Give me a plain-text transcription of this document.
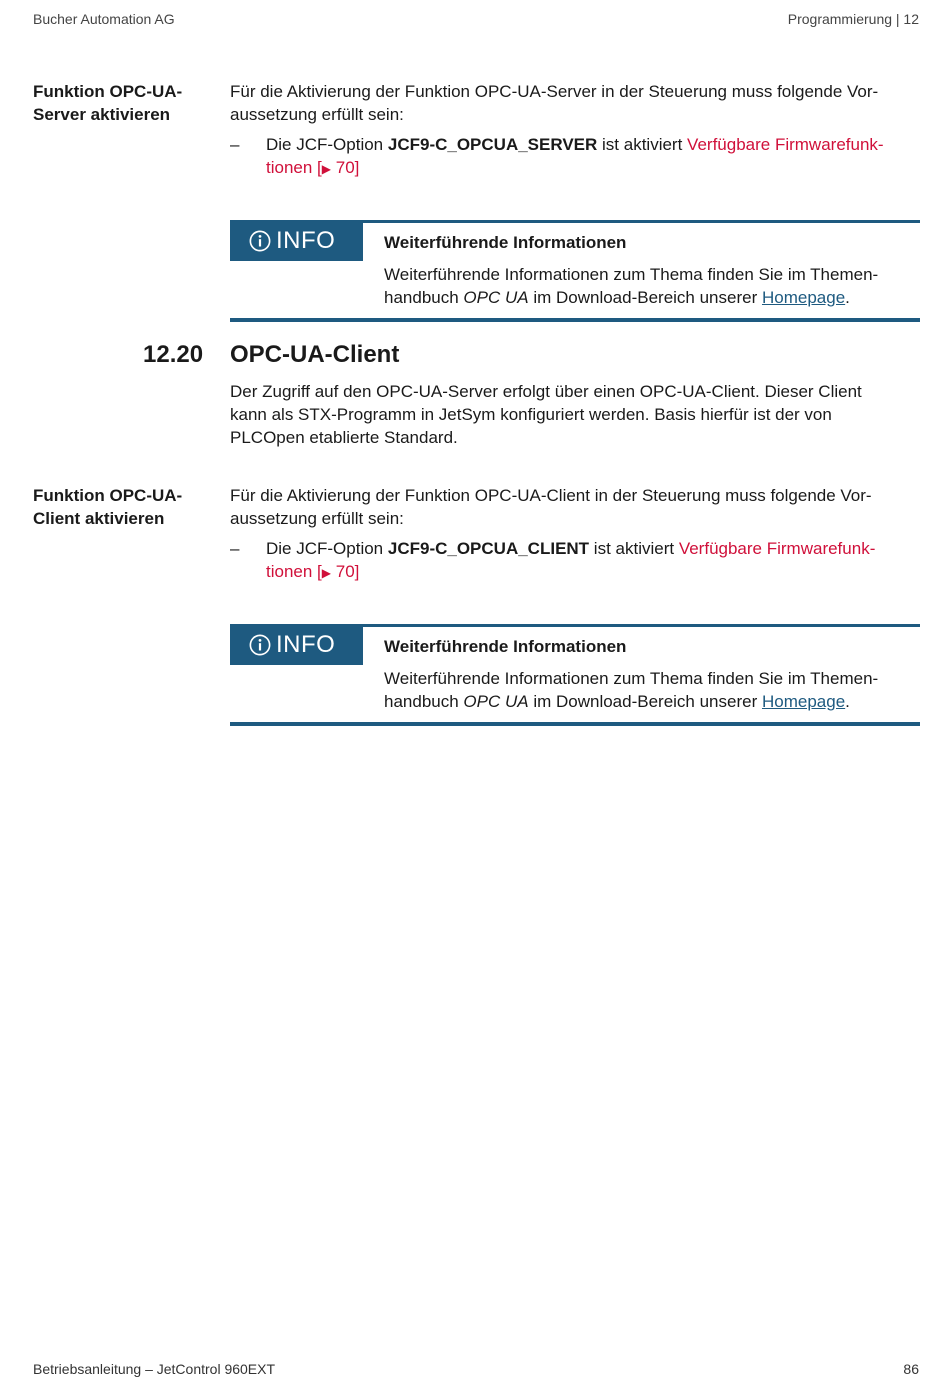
Bucher Automation AG	Programmierung | 12
Funktion OPC-UA-
Server aktivieren
Für die Aktivierung der Funktion OPC-UA-Server in der Steuerung muss folgende Vor-
aussetzung erfüllt sein:
– Die JCF-Option JCF9-C_OPCUA_SERVER ist aktiviert Verfügbare Firmwarefunk-
tionen [▶ 70]
INFO	Weiterführende Informationen
Weiterführende Informationen zum Thema finden Sie im Themen-
handbuch OPC UA im Download-Bereich unserer Homepage.
12.20 OPC-UA-Client
Der Zugriff auf den OPC-UA-Server erfolgt über einen OPC-UA-Client. Dieser Client
kann als STX-Programm in JetSym konfiguriert werden. Basis hierfür ist der von
PLCOpen etablierte Standard.
Funktion OPC-UA-
Client aktivieren
Für die Aktivierung der Funktion OPC-UA-Client in der Steuerung muss folgende Vor-
aussetzung erfüllt sein:
– Die JCF-Option JCF9-C_OPCUA_CLIENT ist aktiviert Verfügbare Firmwarefunk-
tionen [▶ 70]
INFO	Weiterführende Informationen
Weiterführende Informationen zum Thema finden Sie im Themen-
handbuch OPC UA im Download-Bereich unserer Homepage.
Betriebsanleitung – JetControl 960EXT	86
